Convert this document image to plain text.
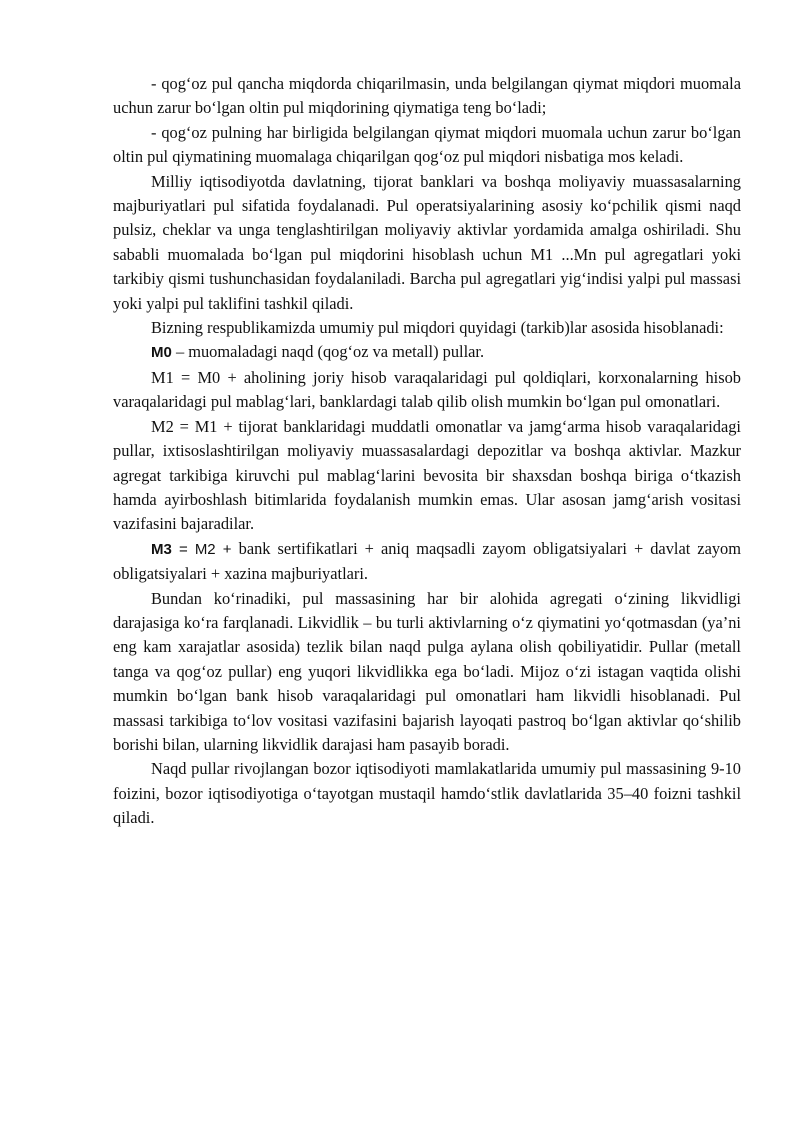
- qog‘oz pul qancha miqdorda chiqarilmasin, unda belgilangan qiymat miqdori muomala uchun zarur bo‘lgan oltin pul miqdorining qiymatiga teng bo‘ladi;

- qog‘oz pulning har birligida belgilangan qiymat miqdori muomala uchun zarur bo‘lgan oltin pul qiymatining muomalaga chiqarilgan qog‘oz pul miqdori nisbatiga mos keladi.

Milliy iqtisodiyotda davlatning, tijorat banklari va boshqa moliyaviy muassasalarning majburiyatlari pul sifatida foydalanadi. Pul operatsiyalarining asosiy ko‘pchilik qismi naqd pulsiz, cheklar va unga tenglashtirilgan moliyaviy aktivlar yordamida amalga oshiriladi. Shu sababli muomalada bo‘lgan pul miqdorini hisoblash uchun M1 ...Mn pul agregatlari yoki tarkibiy qismi tushunchasidan foydalaniladi. Barcha pul agregatlari yig‘indisi yalpi pul massasi yoki yalpi pul taklifini tashkil qiladi.

Bizning respublikamizda umumiy pul miqdori quyidagi (tarkib)lar asosida hisoblanadi:

M0 – muomaladagi naqd (qog‘oz va metall) pullar.

M1 = M0 + aholining joriy hisob varaqalaridagi pul qoldiqlari, korxonalarning hisob varaqalaridagi pul mablag‘lari, banklardagi talab qilib olish mumkin bo‘lgan pul omonatlari.

M2 = M1 + tijorat banklaridagi muddatli omonatlar va jamg‘arma hisob varaqalaridagi pullar, ixtisoslashtirilgan moliyaviy muassasalardagi depozitlar va boshqa aktivlar. Mazkur agregat tarkibiga kiruvchi pul mablag‘larini bevosita bir shaxsdan boshqa biriga o‘tkazish hamda ayirboshlash bitimlarida foydalanish mumkin emas. Ular asosan jamg‘arish vositasi vazifasini bajaradilar.

M3 = M2 + bank sertifikatlari + aniq maqsadli zayom obligatsiyalari + davlat zayom obligatsiyalari + xazina majburiyatlari.

Bundan ko‘rinadiki, pul massasining har bir alohida agregati o‘zining likvidligi darajasiga ko‘ra farqlanadi. Likvidlik – bu turli aktivlarning o‘z qiymatini yo‘qotmasdan (ya’ni eng kam xarajatlar asosida) tezlik bilan naqd pulga aylana olish qobiliyatidir. Pullar (metall tanga va qog‘oz pullar) eng yuqori likvidlikka ega bo‘ladi. Mijoz o‘zi istagan vaqtida olishi mumkin bo‘lgan bank hisob varaqalaridagi pul omonatlari ham likvidli hisoblanadi. Pul massasi tarkibiga to‘lov vositasi vazifasini bajarish layoqati pastroq bo‘lgan aktivlar qo‘shilib borishi bilan, ularning likvidlik darajasi ham pasayib boradi.

Naqd pullar rivojlangan bozor iqtisodiyoti mamlakatlarida umumiy pul massasining 9-10 foizini, bozor iqtisodiyotiga o‘tayotgan mustaqil hamdo‘stlik davlatlarida 35–40 foizni tashkil qiladi.
